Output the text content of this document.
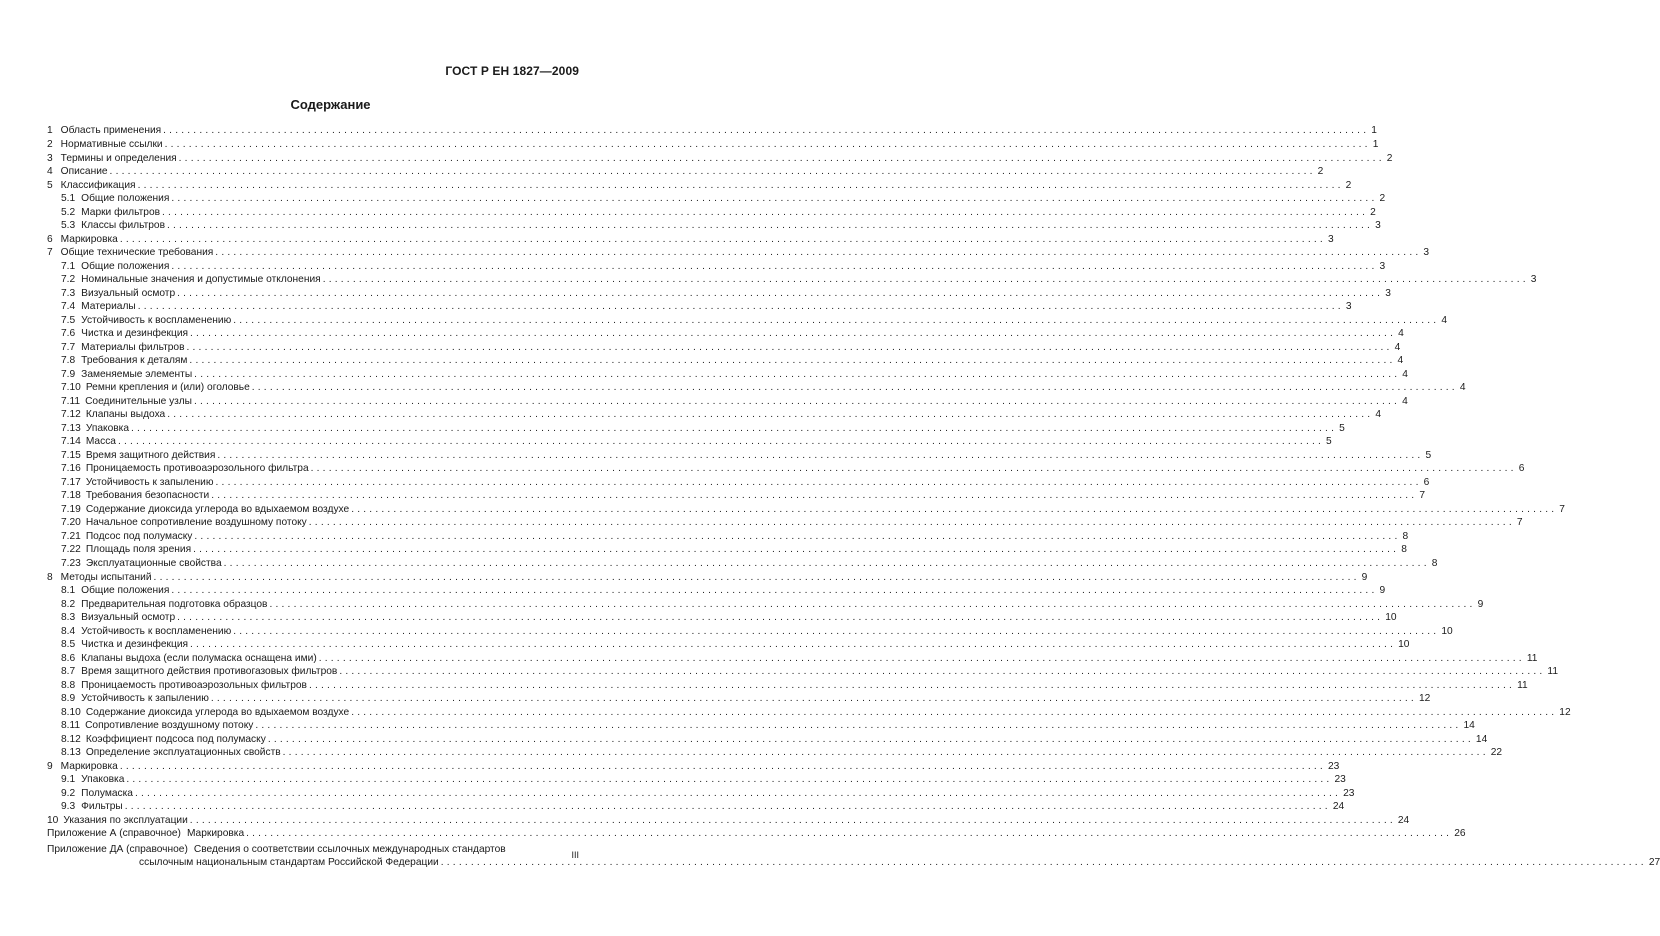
ГОСТ Р ЕН 1827—2009
Содержание
1 Область применения ........................................................................................................................................................................................................ 1
2 Нормативные ссылки ........................................................................................................................................................................................................ 1
3 Термины и определения ........................................................................................................................................................................................................ 2
4 Описание ........................................................................................................................................................................................................ 2
5 Классификация ........................................................................................................................................................................................................ 2
5.1 Общие положения ........................................................................................................................................................................................................ 2
5.2 Марки фильтров ........................................................................................................................................................................................................ 2
5.3 Классы фильтров ........................................................................................................................................................................................................ 3
6 Маркировка ........................................................................................................................................................................................................ 3
7 Общие технические требования ........................................................................................................................................................................................................ 3
7.1 Общие положения ........................................................................................................................................................................................................ 3
7.2 Номинальные значения и допустимые отклонения ........................................................................................................................................................................................................ 3
7.3 Визуальный осмотр ........................................................................................................................................................................................................ 3
7.4 Материалы ........................................................................................................................................................................................................ 3
7.5 Устойчивость к воспламенению ........................................................................................................................................................................................................ 4
7.6 Чистка и дезинфекция ........................................................................................................................................................................................................ 4
7.7 Материалы фильтров ........................................................................................................................................................................................................ 4
7.8 Требования к деталям ........................................................................................................................................................................................................ 4
7.9 Заменяемые элементы ........................................................................................................................................................................................................ 4
7.10 Ремни крепления и (или) оголовье ........................................................................................................................................................................................................ 4
7.11 Соединительные узлы ........................................................................................................................................................................................................ 4
7.12 Клапаны выдоха ........................................................................................................................................................................................................ 4
7.13 Упаковка ........................................................................................................................................................................................................ 5
7.14 Масса ........................................................................................................................................................................................................ 5
7.15 Время защитного действия ........................................................................................................................................................................................................ 5
7.16 Проницаемость противоаэрозольного фильтра ........................................................................................................................................................................................................ 6
7.17 Устойчивость к запылению ........................................................................................................................................................................................................ 6
7.18 Требования безопасности ........................................................................................................................................................................................................ 7
7.19 Содержание диоксида углерода во вдыхаемом воздухе ........................................................................................................................................................................................................ 7
7.20 Начальное сопротивление воздушному потоку ........................................................................................................................................................................................................ 7
7.21 Подсос под полумаску ........................................................................................................................................................................................................ 8
7.22 Площадь поля зрения ........................................................................................................................................................................................................ 8
7.23 Эксплуатационные свойства ........................................................................................................................................................................................................ 8
8 Методы испытаний ........................................................................................................................................................................................................ 9
8.1 Общие положения ........................................................................................................................................................................................................ 9
8.2 Предварительная подготовка образцов ........................................................................................................................................................................................................ 9
8.3 Визуальный осмотр ........................................................................................................................................................................................................ 10
8.4 Устойчивость к воспламенению ........................................................................................................................................................................................................ 10
8.5 Чистка и дезинфекция ........................................................................................................................................................................................................ 10
8.6 Клапаны выдоха (если полумаска оснащена ими) ........................................................................................................................................................................................................ 11
8.7 Время защитного действия противогазовых фильтров ........................................................................................................................................................................................................ 11
8.8 Проницаемость противоаэрозольных фильтров ........................................................................................................................................................................................................ 11
8.9 Устойчивость к запылению ........................................................................................................................................................................................................ 12
8.10 Содержание диоксида углерода во вдыхаемом воздухе ........................................................................................................................................................................................................ 12
8.11 Сопротивление воздушному потоку ........................................................................................................................................................................................................ 14
8.12 Коэффициент подсоса под полумаску ........................................................................................................................................................................................................ 14
8.13 Определение эксплуатационных свойств ........................................................................................................................................................................................................ 22
9 Маркировка ........................................................................................................................................................................................................ 23
9.1 Упаковка ........................................................................................................................................................................................................ 23
9.2 Полумаска ........................................................................................................................................................................................................ 23
9.3 Фильтры ........................................................................................................................................................................................................ 24
10 Указания по эксплуатации ........................................................................................................................................................................................................ 24
Приложение А (справочное) Маркировка ........................................................................................................................................................................................................ 26
Приложение ДА (справочное) Сведения о соответствии ссылочных международных стандартов
ссылочным национальным стандартам Российской Федерации ........................................................................................................................................................................................................ 27
III
